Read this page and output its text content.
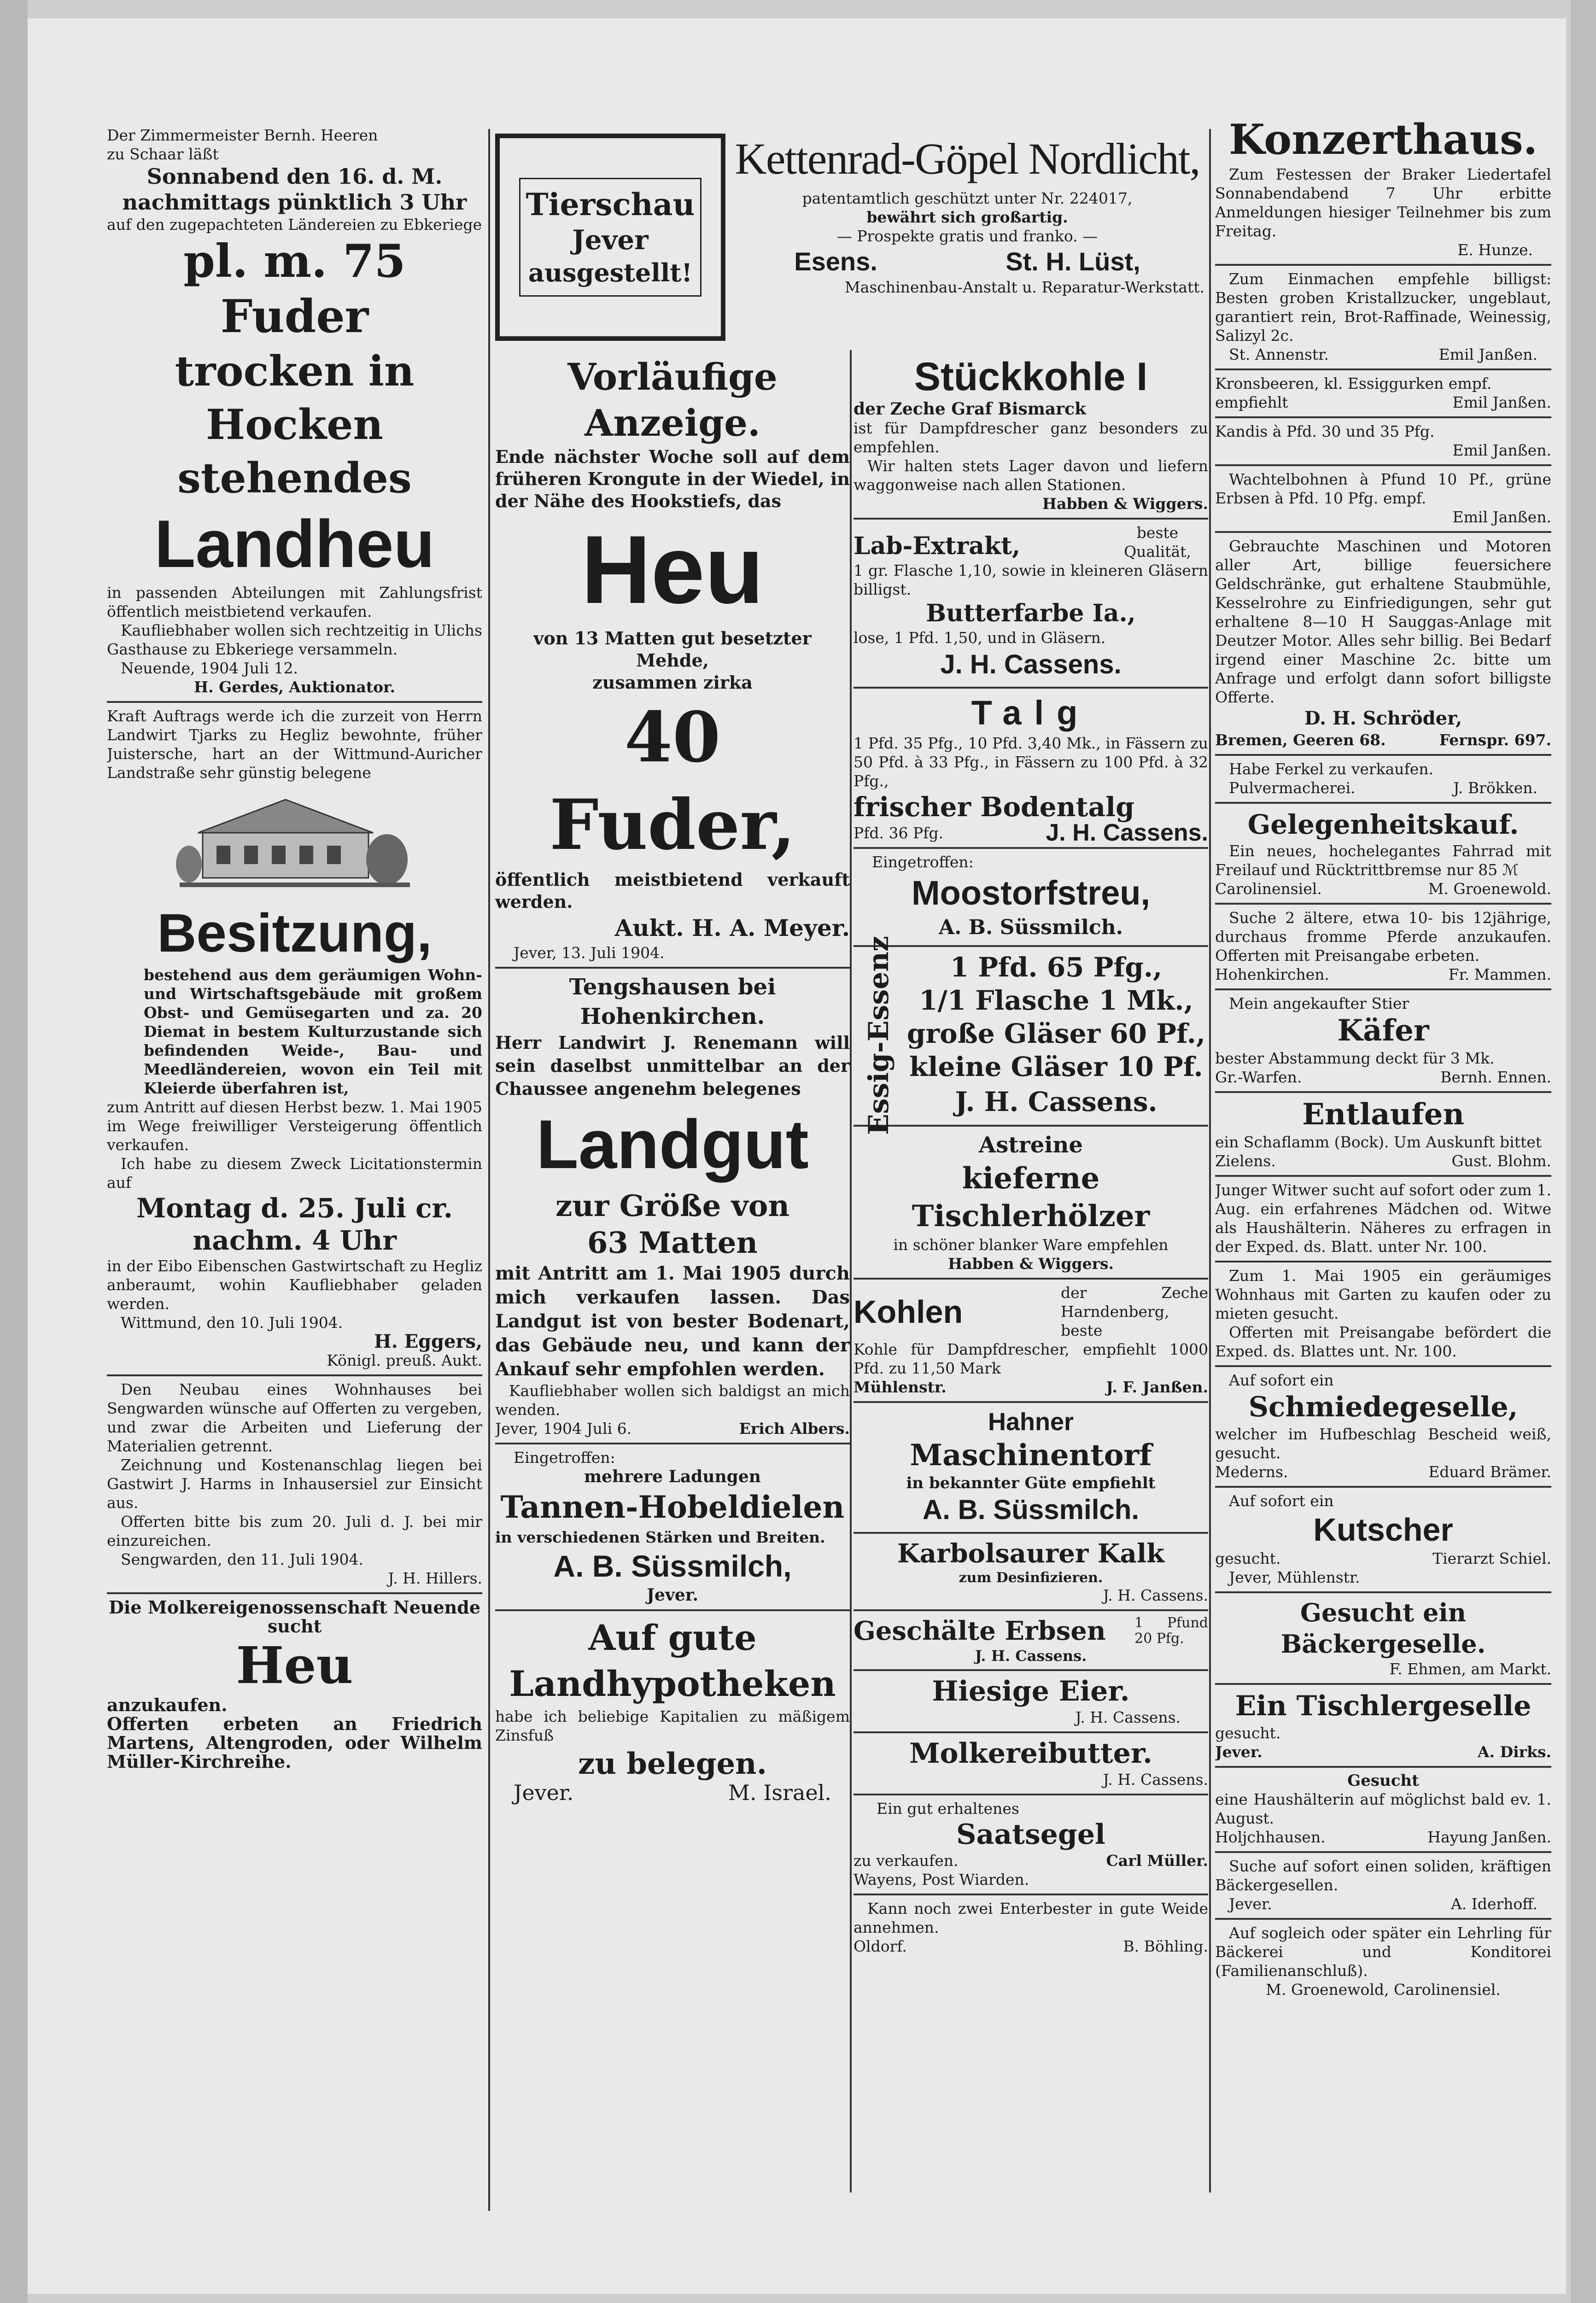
Tierschau
Jever
ausgestellt!
Kettenrad-Göpel Nordlicht,
patentamtlich geschützt unter Nr. 224017,
bewährt sich großartig.
— Prospekte gratis und franko. —
Esens.	St. H. Lüst,
Maschinenbau-Anstalt u. Reparatur-Werkstatt.
Der Zimmermeister Bernh. Heeren
zu Schaar läßt
Sonnabend den 16. d. M.
nachmittags pünktlich 3 Uhr
auf den zugepachteten Ländereien zu Ebkeriege
pl. m. 75 Fuder
trocken in Hocken
stehendes
Landheu
in passenden Abteilungen mit Zahlungsfrist öffentlich meistbietend verkaufen.
Kaufliebhaber wollen sich rechtzeitig in Ulichs Gasthause zu Ebkeriege versammeln.
Neuende, 1904 Juli 12.
H. Gerdes, Auktionator.
Kraft Auftrags werde ich die zurzeit von Herrn Landwirt Tjarks zu Hegliz bewohnte, früher Juistersche, hart an der Wittmund-Auricher Landstraße sehr günstig belegene
Besitzung,
bestehend aus dem geräumigen Wohn- und Wirtschaftsgebäude mit großem Obst- und Gemüsegarten und za. 20 Diemat in bestem Kulturzustande sich befindenden Weide-, Bau- und Meedländereien, wovon ein Teil mit Kleierde überfahren ist,
zum Antritt auf diesen Herbst bezw. 1. Mai 1905 im Wege freiwilliger Versteigerung öffentlich verkaufen.
Ich habe zu diesem Zweck Licitationstermin auf
Montag d. 25. Juli cr.
nachm. 4 Uhr
in der Eibo Eibenschen Gastwirtschaft zu Hegliz anberaumt, wohin Kaufliebhaber geladen werden.
Wittmund, den 10. Juli 1904.
H. Eggers,
Königl. preuß. Aukt.
Den Neubau eines Wohnhauses bei Sengwarden wünsche auf Offerten zu vergeben, und zwar die Arbeiten und Lieferung der Materialien getrennt.
Zeichnung und Kostenanschlag liegen bei Gastwirt J. Harms in Inhausersiel zur Einsicht aus.
Offerten bitte bis zum 20. Juli d. J. bei mir einzureichen.
Sengwarden, den 11. Juli 1904.
J. H. Hillers.
Die Molkereigenossenschaft Neuende sucht
Heu
anzukaufen.
Offerten erbeten an Friedrich Martens, Altengroden, oder Wilhelm Müller-Kirchreihe.
Vorläufige Anzeige.
Ende nächster Woche soll auf dem früheren Krongute in der Wiedel, in der Nähe des Hookstiefs, das
Heu
von 13 Matten gut besetzter Mehde,
zusammen zirka
40 Fuder,
öffentlich meistbietend verkauft werden.
Aukt. H. A. Meyer.
Jever, 13. Juli 1904.
Tengshausen bei Hohenkirchen.
Herr Landwirt J. Renemann will sein daselbst unmittelbar an der Chaussee angenehm belegenes
Landgut
zur Größe von
63 Matten
mit Antritt am 1. Mai 1905 durch mich verkaufen lassen. Das Landgut ist von bester Bodenart, das Gebäude neu, und kann der Ankauf sehr empfohlen werden.
Kaufliebhaber wollen sich baldigst an mich wenden.
Jever, 1904 Juli 6.	Erich Albers.
Eingetroffen:
mehrere Ladungen
Tannen-Hobeldielen
in verschiedenen Stärken und Breiten.
A. B. Süssmilch,
Jever.
Auf gute
Landhypotheken
habe ich beliebige Kapitalien zu mäßigem Zinsfuß
zu belegen.
Jever.	M. Israel.
Stückkohle I
der Zeche Graf Bismarck
ist für Dampfdrescher ganz besonders zu empfehlen.
Wir halten stets Lager davon und liefern waggonweise nach allen Stationen.
Habben & Wiggers.
Lab-Extrakt,	beste Qualität,
1 gr. Flasche 1,10, sowie in kleineren Gläsern billigst.
Butterfarbe Ia.,
lose, 1 Pfd. 1,50, und in Gläsern.
J. H. Cassens.
Talg
1 Pfd. 35 Pfg., 10 Pfd. 3,40 Mk., in Fässern zu 50 Pfd. à 33 Pfg., in Fässern zu 100 Pfd. à 32 Pfg.,
frischer Bodentalg
Pfd. 36 Pfg.	J. H. Cassens.
Eingetroffen:
Moostorfstreu,
A. B. Süssmilch.
Essig-Essenz	1 Pfd. 65 Pfg.,
1/1 Flasche 1 Mk.,
große Gläser 60 Pf.,
kleine Gläser 10 Pf.
J. H. Cassens.
Astreine
kieferne Tischlerhölzer
in schöner blanker Ware empfehlen
Habben & Wiggers.
Kohlen
der Zeche Harndenberg, beste
Kohle für Dampfdrescher, empfiehlt 1000 Pfd. zu 11,50 Mark
Mühlenstr.	J. F. Janßen.
Hahner
Maschinentorf
in bekannter Güte empfiehlt
A. B. Süssmilch.
Karbolsaurer Kalk
zum Desinfizieren.
J. H. Cassens.
Geschälte Erbsen 1 Pfund 20 Pfg.
J. H. Cassens.
Hiesige Eier.
J. H. Cassens.
Molkereibutter.
J. H. Cassens.
Ein gut erhaltenes
Saatsegel
zu verkaufen.	Carl Müller.
Wayens, Post Wiarden.
Kann noch zwei Enterbester in gute Weide annehmen.
Oldorf.	B. Böhling.
Konzerthaus.
Zum Festessen der Braker Liedertafel Sonnabendabend 7 Uhr erbitte Anmeldungen hiesiger Teilnehmer bis zum Freitag.
E. Hunze.
Zum Einmachen empfehle billigst: Besten groben Kristallzucker, ungeblaut, garantiert rein, Brot-Raffinade, Weinessig, Salizyl 2c.
St. Annenstr.	Emil Janßen.
Kronsbeeren, kl. Essiggurken empf.
empfiehlt	Emil Janßen.
Kandis à Pfd. 30 und 35 Pfg.
Emil Janßen.
Wachtelbohnen à Pfund 10 Pf., grüne Erbsen à Pfd. 10 Pfg. empf.
Emil Janßen.
Gebrauchte Maschinen und Motoren aller Art, billige feuersichere Geldschränke, gut erhaltene Staubmühle, Kesselrohre zu Einfriedigungen, sehr gut erhaltene 8—10 H Sauggas-Anlage mit Deutzer Motor. Alles sehr billig. Bei Bedarf irgend einer Maschine 2c. bitte um Anfrage und erfolgt dann sofort billigste Offerte.
D. H. Schröder,
Bremen, Geeren 68.	Fernspr. 697.
Habe Ferkel zu verkaufen.
Pulvermacherei.	J. Brökken.
Gelegenheitskauf.
Ein neues, hochelegantes Fahrrad mit Freilauf und Rücktrittbremse nur 85 ℳ
Carolinensiel.	M. Groenewold.
Suche 2 ältere, etwa 10- bis 12jährige, durchaus fromme Pferde anzukaufen. Offerten mit Preisangabe erbeten.
Hohenkirchen.	Fr. Mammen.
Mein angekaufter Stier
Käfer
bester Abstammung deckt für 3 Mk.
Gr.-Warfen.	Bernh. Ennen.
Entlaufen
ein Schaflamm (Bock). Um Auskunft bittet
Zielens.	Gust. Blohm.
Junger Witwer sucht auf sofort oder zum 1. Aug. ein erfahrenes Mädchen od. Witwe als Haushälterin. Näheres zu erfragen in der Exped. ds. Blatt. unter Nr. 100.
Zum 1. Mai 1905 ein geräumiges Wohnhaus mit Garten zu kaufen oder zu mieten gesucht.
Offerten mit Preisangabe befördert die Exped. ds. Blattes unt. Nr. 100.
Auf sofort ein
Schmiedegeselle,
welcher im Hufbeschlag Bescheid weiß, gesucht.
Mederns.	Eduard Brämer.
Auf sofort ein
Kutscher
gesucht.	Tierarzt Schiel.
Jever, Mühlenstr.
Gesucht ein Bäckergeselle.
F. Ehmen, am Markt.
Ein Tischlergeselle
gesucht.
Jever.	A. Dirks.
Gesucht
eine Haushälterin auf möglichst bald ev. 1. August.
Holjchhausen.	Hayung Janßen.
Suche auf sofort einen soliden, kräftigen Bäckergesellen.
Jever.	A. Iderhoff.
Auf sogleich oder später ein Lehrling für Bäckerei und Konditorei (Familienanschluß).
M. Groenewold, Carolinensiel.
